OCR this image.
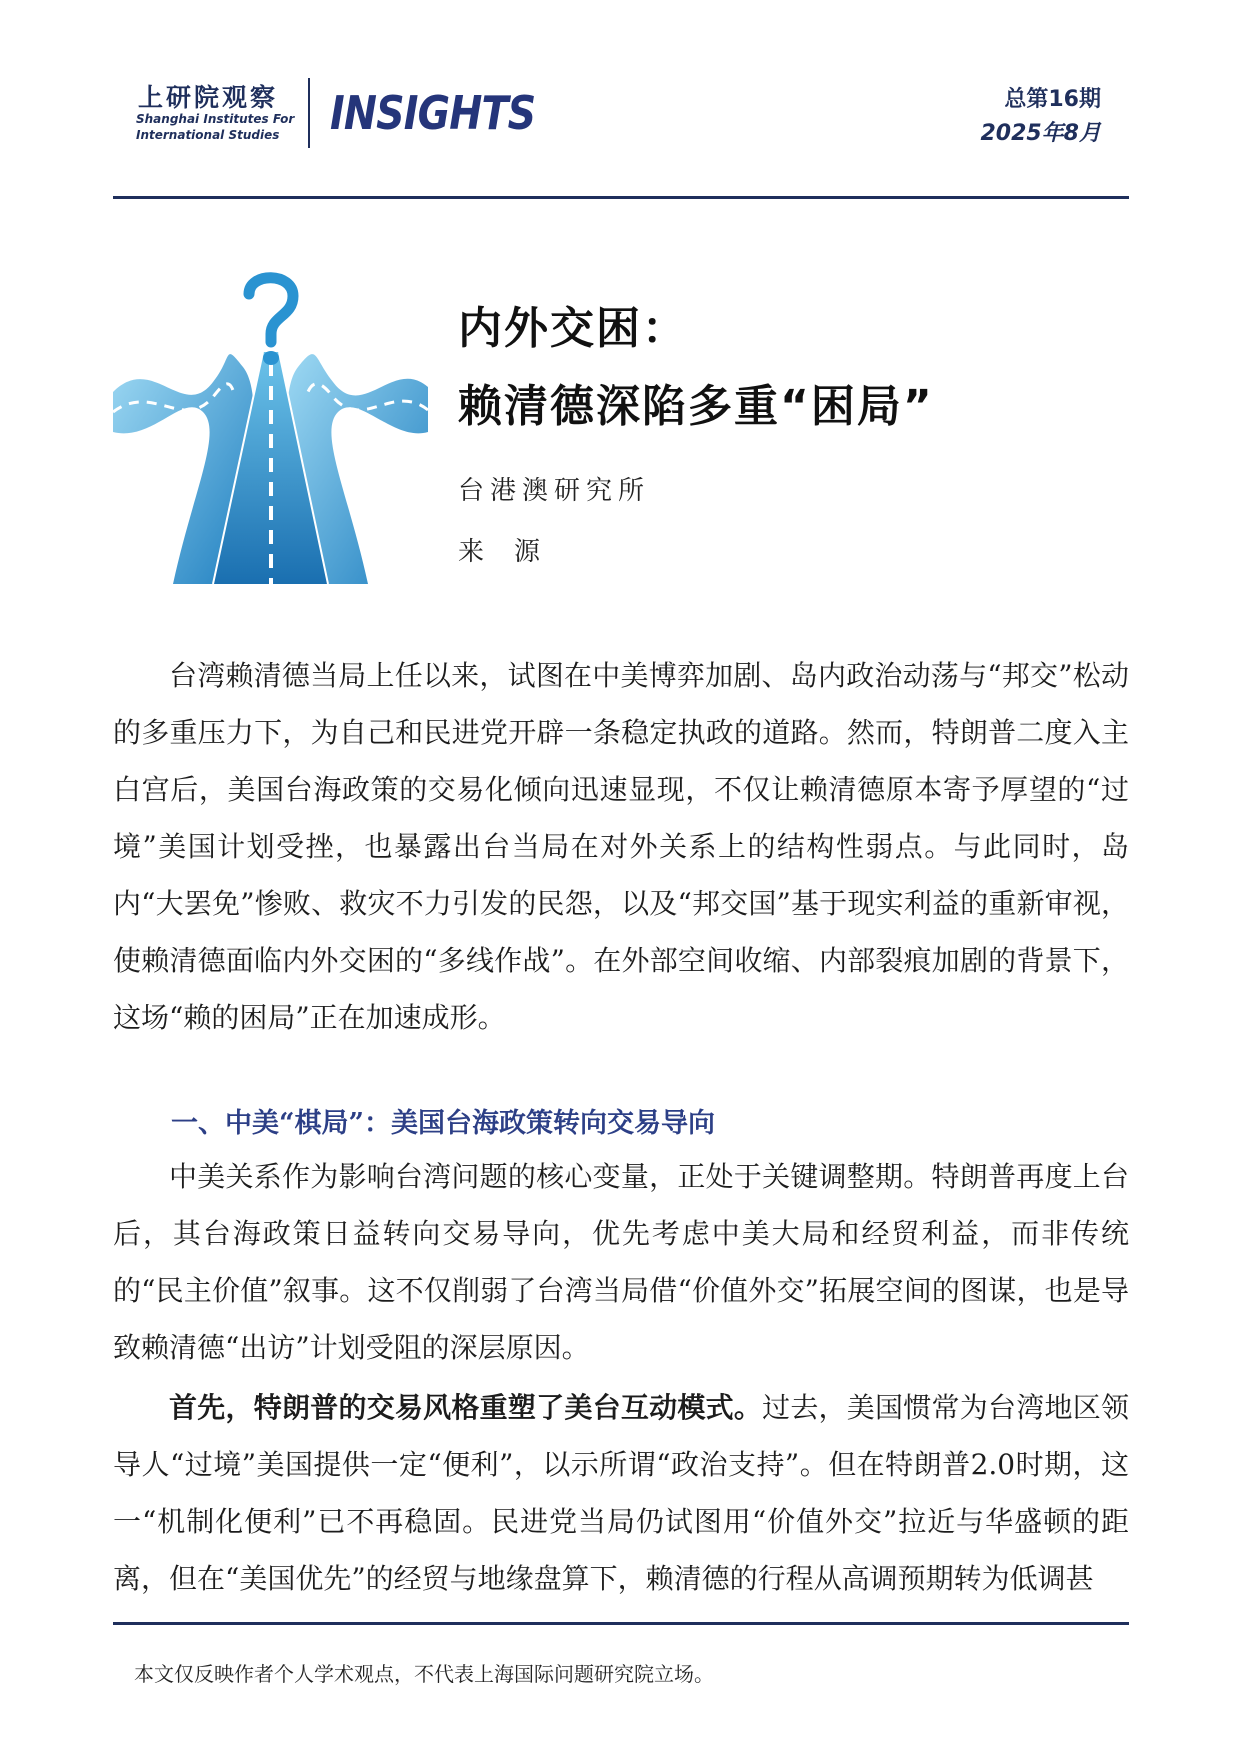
上研院观察
Shanghai Institutes For
International Studies	INSIGHTS	总第16期
2025年8月
内外交困：
赖清德深陷多重“困局”
台港澳研究所
来源

台湾赖清德当局上任以来，试图在中美博弈加剧、岛内政治动荡与“邦交”松动的多重压力下，为自己和民进党开辟一条稳定执政的道路。然而，特朗普二度入主白宫后，美国台海政策的交易化倾向迅速显现，不仅让赖清德原本寄予厚望的“过境”美国计划受挫，也暴露出台当局在对外关系上的结构性弱点。与此同时，岛内“大罢免”惨败、救灾不力引发的民怨，以及“邦交国”基于现实利益的重新审视，使赖清德面临内外交困的“多线作战”。在外部空间收缩、内部裂痕加剧的背景下，这场“赖的困局”正在加速成形。

一、中美“棋局”：美国台海政策转向交易导向

中美关系作为影响台湾问题的核心变量，正处于关键调整期。特朗普再度上台后，其台海政策日益转向交易导向，优先考虑中美大局和经贸利益，而非传统的“民主价值”叙事。这不仅削弱了台湾当局借“价值外交”拓展空间的图谋，也是导致赖清德“出访”计划受阻的深层原因。

首先，特朗普的交易风格重塑了美台互动模式。过去，美国惯常为台湾地区领导人“过境”美国提供一定“便利”，以示所谓“政治支持”。但在特朗普2.0时期，这一“机制化便利”已不再稳固。民进党当局仍试图用“价值外交”拉近与华盛顿的距离，但在“美国优先”的经贸与地缘盘算下，赖清德的行程从高调预期转为低调甚

本文仅反映作者个人学术观点，不代表上海国际问题研究院立场。
